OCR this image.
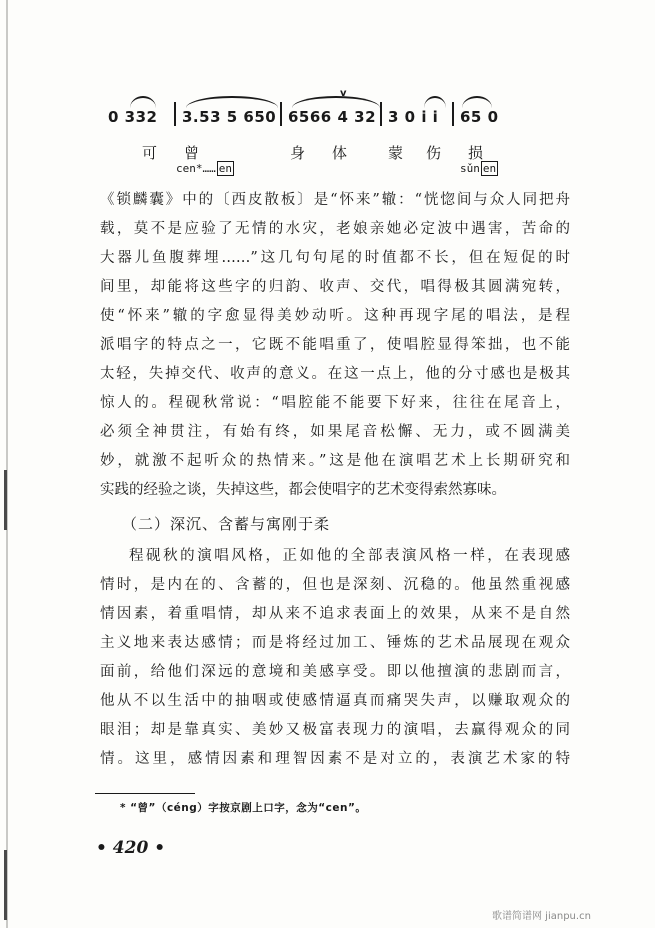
v
0 332 3.53 5 650 6566 4 32 3 0 i i 65 0
可 曾	身 体	蒙 伤 损
cen*…… en	sǔn en

《锁麟囊》中的〔西皮散板〕是“怀来”辙：“恍惚间与众人同把舟

载，莫不是应验了无情的水灾，老娘亲她必定波中遇害，苦命的

大器儿鱼腹葬埋……”这几句句尾的时值都不长，但在短促的时

间里，却能将这些字的归韵、收声、交代，唱得极其圆满宛转，

使“怀来”辙的字愈显得美妙动听。这种再现字尾的唱法，是程

派唱字的特点之一，它既不能唱重了，使唱腔显得笨拙，也不能

太轻，失掉交代、收声的意义。在这一点上，他的分寸感也是极其

惊人的。程砚秋常说：“唱腔能不能要下好来，往往在尾音上，

必须全神贯注，有始有终，如果尾音松懈、无力，或不圆满美

妙，就激不起听众的热情来。”这是他在演唱艺术上长期研究和

实践的经验之谈，失掉这些，都会使唱字的艺术变得索然寡味。

（二）深沉、含蓄与寓刚于柔

程砚秋的演唱风格，正如他的全部表演风格一样，在表现感

情时，是内在的、含蓄的，但也是深刻、沉稳的。他虽然重视感

情因素，着重唱情，却从来不追求表面上的效果，从来不是自然

主义地来表达感情；而是将经过加工、锤炼的艺术品展现在观众

面前，给他们深远的意境和美感享受。即以他擅演的悲剧而言，

他从不以生活中的抽咽或使感情逼真而痛哭失声，以赚取观众的

眼泪；却是靠真实、美妙又极富表现力的演唱，去赢得观众的同

情。这里，感情因素和理智因素不是对立的，表演艺术家的特

* “曾”（céng）字按京剧上口字，念为“cen”。
• 420 •
歌谱简谱网 jianpu.cn
